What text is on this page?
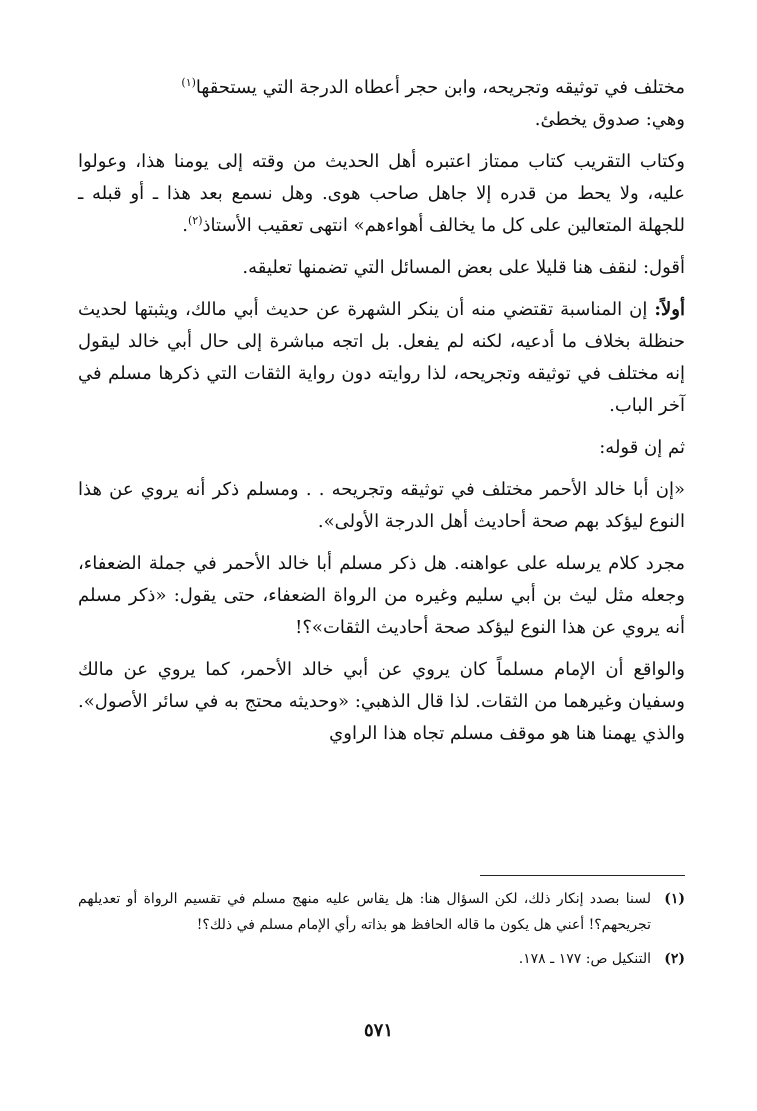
مختلف في توثيقه وتجريحه، وابن حجر أعطاه الدرجة التي يستحقها$^{(١)}$
وهي: صدوق يخطئ.

وكتاب التقريب كتاب ممتاز اعتبره أهل الحديث من وقته إلى يومنا هذا، وعولوا عليه، ولا يحط من قدره إلا جاهل صاحب هوى. وهل نسمع بعد هذا ـ أو قبله ـ للجهلة المتعالين على كل ما يخالف أهواءهم» انتهى تعقيب الأستاذ$^{(٢)}$.

أقول: لنقف هنا قليلا على بعض المسائل التي تضمنها تعليقه.

أولاً: إن المناسبة تقتضي منه أن ينكر الشهرة عن حديث أبي مالك، ويثبتها لحديث حنظلة بخلاف ما أدعيه، لكنه لم يفعل. بل اتجه مباشرة إلى حال أبي خالد ليقول إنه مختلف في توثيقه وتجريحه، لذا روايته دون رواية الثقات التي ذكرها مسلم في آخر الباب.

ثم إن قوله:

«إن أبا خالد الأحمر مختلف في توثيقه وتجريحه . . ومسلم ذكر أنه يروي عن هذا النوع ليؤكد بهم صحة أحاديث أهل الدرجة الأولى».

مجرد كلام يرسله على عواهنه. هل ذكر مسلم أبا خالد الأحمر في جملة الضعفاء، وجعله مثل ليث بن أبي سليم وغيره من الرواة الضعفاء، حتى يقول: «ذكر مسلم أنه يروي عن هذا النوع ليؤكد صحة أحاديث الثقات»؟!

والواقع أن الإمام مسلماً كان يروي عن أبي خالد الأحمر، كما يروي عن مالك وسفيان وغيرهما من الثقات. لذا قال الذهبي: «وحديثه محتج به في سائر الأصول». والذي يهمنا هنا هو موقف مسلم تجاه هذا الراوي

(١)
لسنا بصدد إنكار ذلك، لكن السؤال هنا: هل يقاس عليه منهج مسلم في تقسيم الرواة أو تعديلهم تجريحهم؟! أعني هل يكون ما قاله الحافظ هو بذاته رأي الإمام مسلم في ذلك؟!
(٢)
التنكيل ص: ١٧٧ ـ ١٧٨.
٥٧١
